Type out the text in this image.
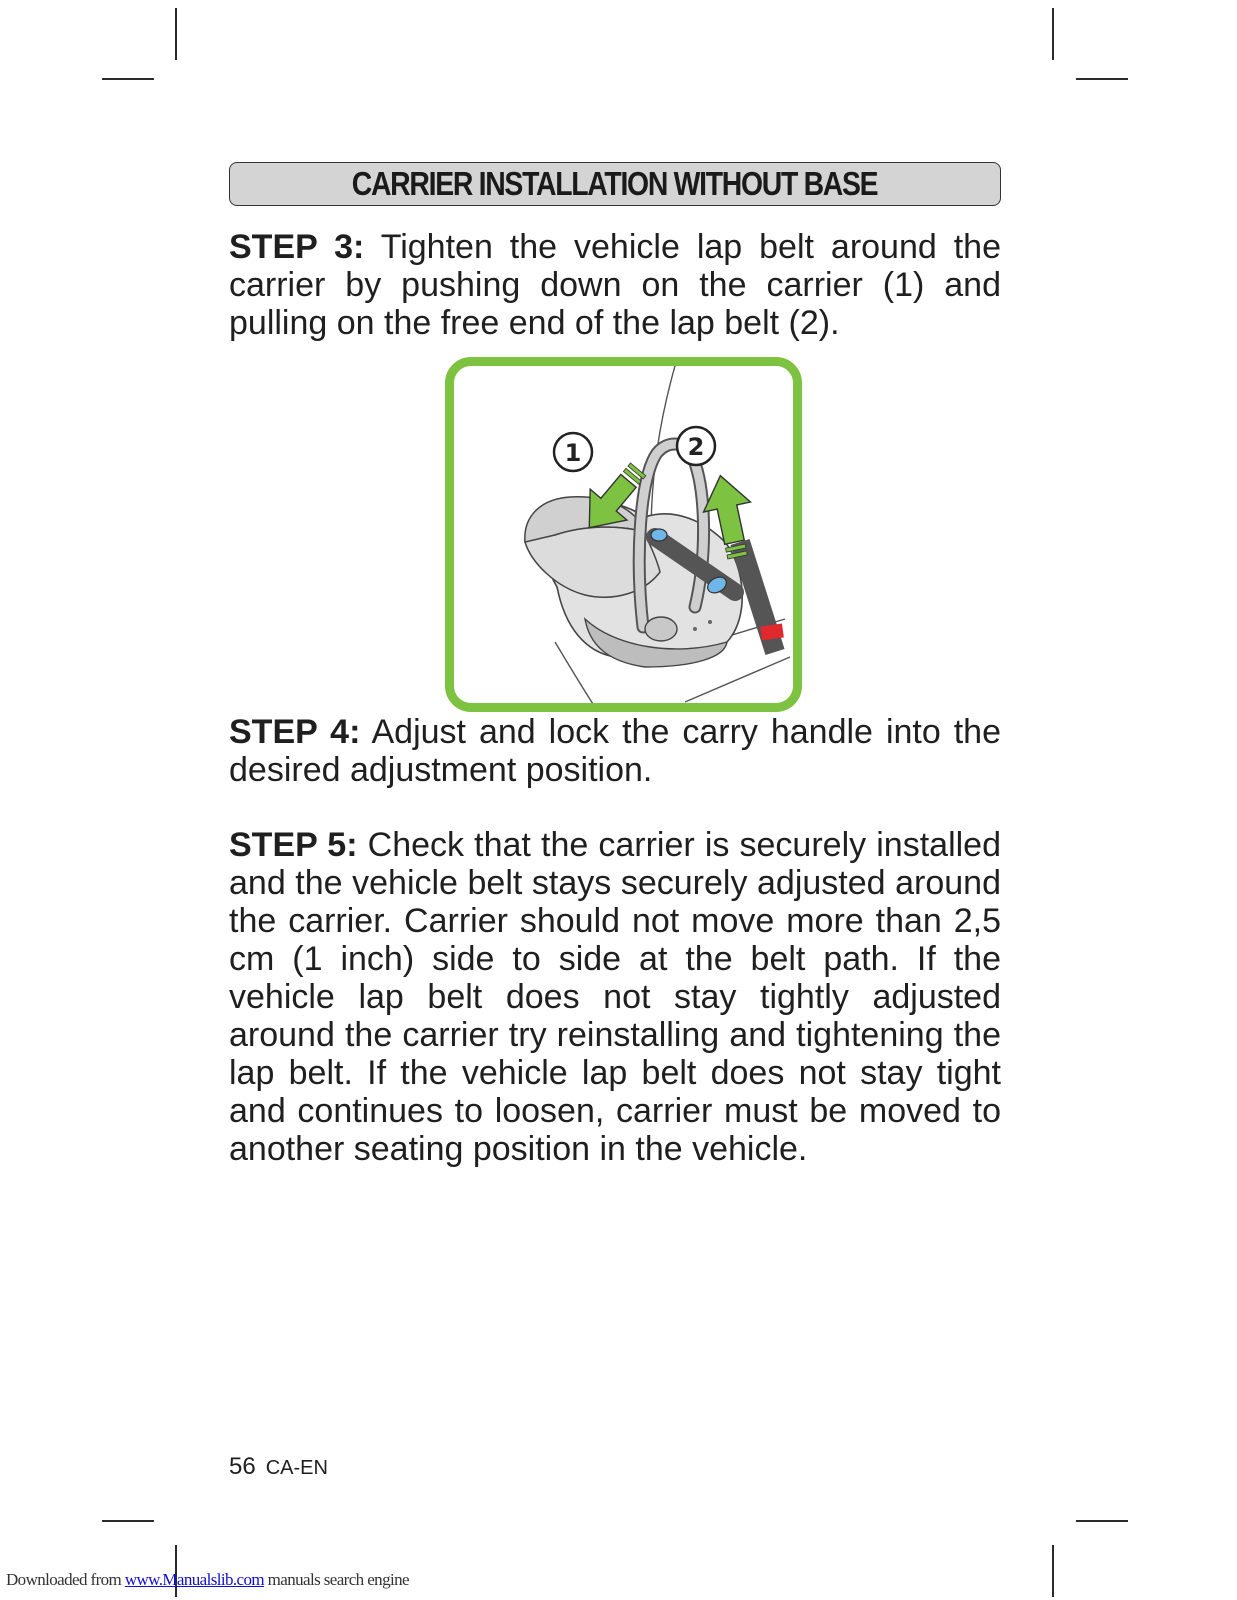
CARRIER INSTALLATION WITHOUT BASE

STEP 3: Tighten the vehicle lap belt around the carrier by pushing down on the carrier (1) and pulling on the free end of the lap belt (2).

1	2

STEP 4: Adjust and lock the carry handle into the desired adjustment position.

STEP 5: Check that the carrier is securely installed and the vehicle belt stays securely adjusted around the carrier. Carrier should not move more than 2,5 cm (1 inch) side to side at the belt path. If the vehicle lap belt does not stay tightly adjusted around the carrier try reinstalling and tightening the lap belt. If the vehicle lap belt does not stay tight and continues to loosen, carrier must be moved to another seating position in the vehicle.

56 CA-EN
Downloaded from www.Manualslib.com manuals search engine
